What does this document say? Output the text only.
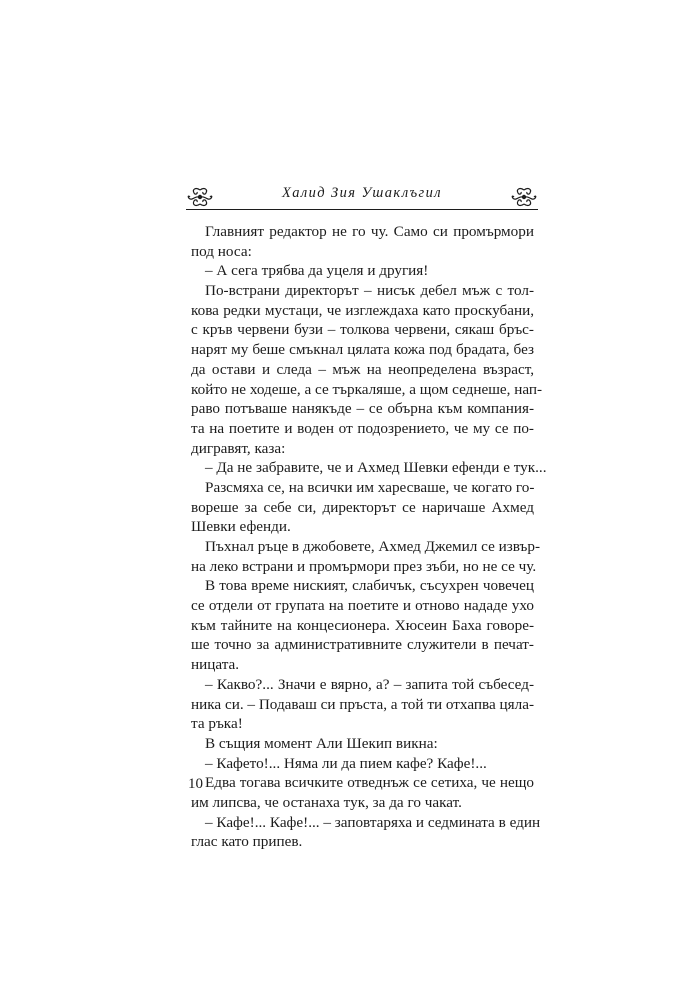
Халид Зия Ушаклъгил
Главният редактор не го чу. Само си промърмори
под носа:
– А сега трябва да уцеля и другия!
По-встрани директорът – нисък дебел мъж с тол-
кова редки мустаци, че изглеждаха като проскубани,
с кръв червени бузи – толкова червени, сякаш бръс-
нарят му беше смъкнал цялата кожа под брадата, без
да остави и следа – мъж на неопределена възраст,
който не ходеше, а се търкаляше, а щом седнеше, нап-
раво потъваше нанякъде – се обърна към компания-
та на поетите и воден от подозрението, че му се по-
дигравят, каза:
– Да не забравите, че и Ахмед Шевки ефенди е тук...
Разсмяха се, на всички им харесваше, че когато го-
вореше за себе си, директорът се наричаше Ахмед
Шевки ефенди.
Пъхнал ръце в джобовете, Ахмед Джемил се извър-
на леко встрани и промърмори през зъби, но не се чу.
В това време ниският, слабичък, съсухрен човечец
се отдели от групата на поетите и отново нададе ухо
към тайните на концесионера. Хюсеин Баха говоре-
ше точно за административните служители в печат-
ницата.
– Какво?... Значи е вярно, а? – запита той събесед-
ника си. – Подаваш си пръста, а той ти отхапва цяла-
та ръка!
В същия момент Али Шекип викна:
– Кафето!... Няма ли да пием кафе? Кафе!...
Едва тогава всичките отведнъж се сетиха, че нещо
им липсва, че останаха тук, за да го чакат.
– Кафе!... Кафе!... – заповтаряха и седмината в един
глас като припев.
10
